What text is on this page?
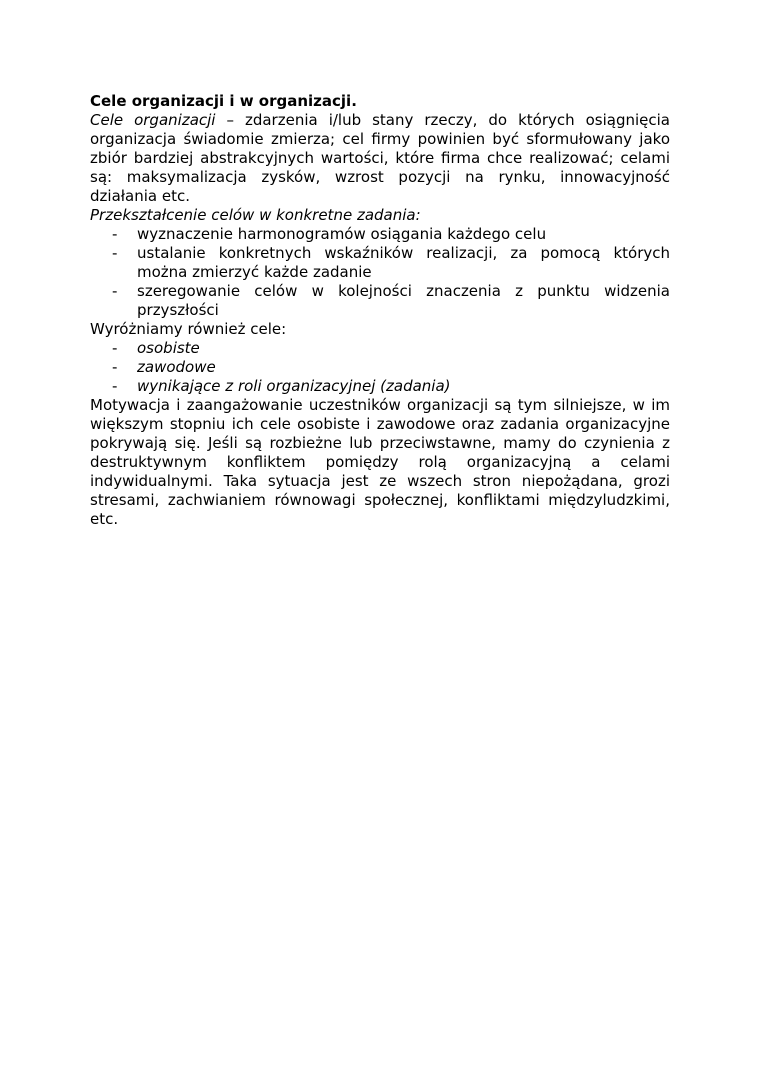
Cele organizacji i w organizacji.

Cele organizacji – zdarzenia i/lub stany rzeczy, do których osiągnięcia organizacja świadomie zmierza; cel firmy powinien być sformułowany jako zbiór bardziej abstrakcyjnych wartości, które firma chce realizować; celami są: maksymalizacja zysków, wzrost pozycji na rynku, innowacyjność działania etc.

Przekształcenie celów w konkretne zadania:

- wyznaczenie harmonogramów osiągania każdego celu
- ustalanie konkretnych wskaźników realizacji, za pomocą których można zmierzyć każde zadanie
- szeregowanie celów w kolejności znaczenia z punktu widzenia przyszłości

Wyróżniamy również cele:

- osobiste
- zawodowe
- wynikające z roli organizacyjnej (zadania)

Motywacja i zaangażowanie uczestników organizacji są tym silniejsze, w im większym stopniu ich cele osobiste i zawodowe oraz zadania organizacyjne pokrywają się. Jeśli są rozbieżne lub przeciwstawne, mamy do czynienia z destruktywnym konfliktem pomiędzy rolą organizacyjną a celami indywidualnymi. Taka sytuacja jest ze wszech stron niepożądana, grozi stresami, zachwianiem równowagi społecznej, konfliktami międzyludzkimi, etc.
